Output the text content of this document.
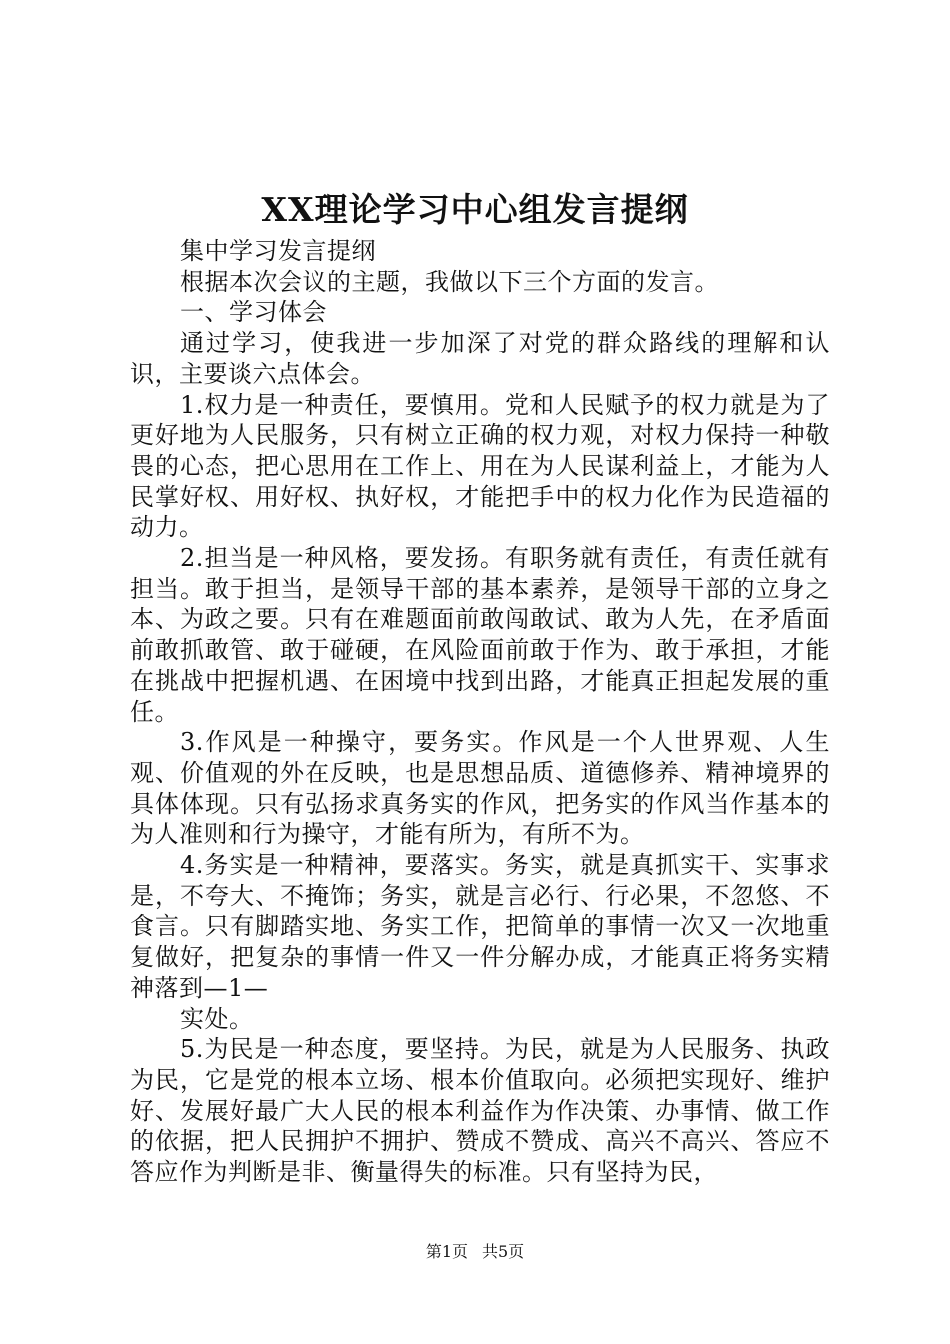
XX理论学习中心组发言提纲

集中学习发言提纲

根据本次会议的主题，我做以下三个方面的发言。

一、学习体会

通过学习，使我进一步加深了对党的群众路线的理解和认识，主要谈六点体会。

1.权力是一种责任，要慎用。党和人民赋予的权力就是为了更好地为人民服务，只有树立正确的权力观，对权力保持一种敬畏的心态，把心思用在工作上、用在为人民谋利益上，才能为人民掌好权、用好权、执好权，才能把手中的权力化作为民造福的动力。

2.担当是一种风格，要发扬。有职务就有责任，有责任就有担当。敢于担当，是领导干部的基本素养，是领导干部的立身之本、为政之要。只有在难题面前敢闯敢试、敢为人先，在矛盾面前敢抓敢管、敢于碰硬，在风险面前敢于作为、敢于承担，才能在挑战中把握机遇、在困境中找到出路，才能真正担起发展的重任。

3.作风是一种操守，要务实。作风是一个人世界观、人生观、价值观的外在反映，也是思想品质、道德修养、精神境界的具体体现。只有弘扬求真务实的作风，把务实的作风当作基本的为人准则和行为操守，才能有所为，有所不为。

4.务实是一种精神，要落实。务实，就是真抓实干、实事求是，不夸大、不掩饰；务实，就是言必行、行必果，不忽悠、不食言。只有脚踏实地、务实工作，把简单的事情一次又一次地重复做好，把复杂的事情一件又一件分解办成，才能真正将务实精神落到—1—

实处。

5.为民是一种态度，要坚持。为民，就是为人民服务、执政为民，它是党的根本立场、根本价值取向。必须把实现好、维护好、发展好最广大人民的根本利益作为作决策、办事情、做工作的依据，把人民拥护不拥护、赞成不赞成、高兴不高兴、答应不答应作为判断是非、衡量得失的标准。只有坚持为民，

第1页 共5页
